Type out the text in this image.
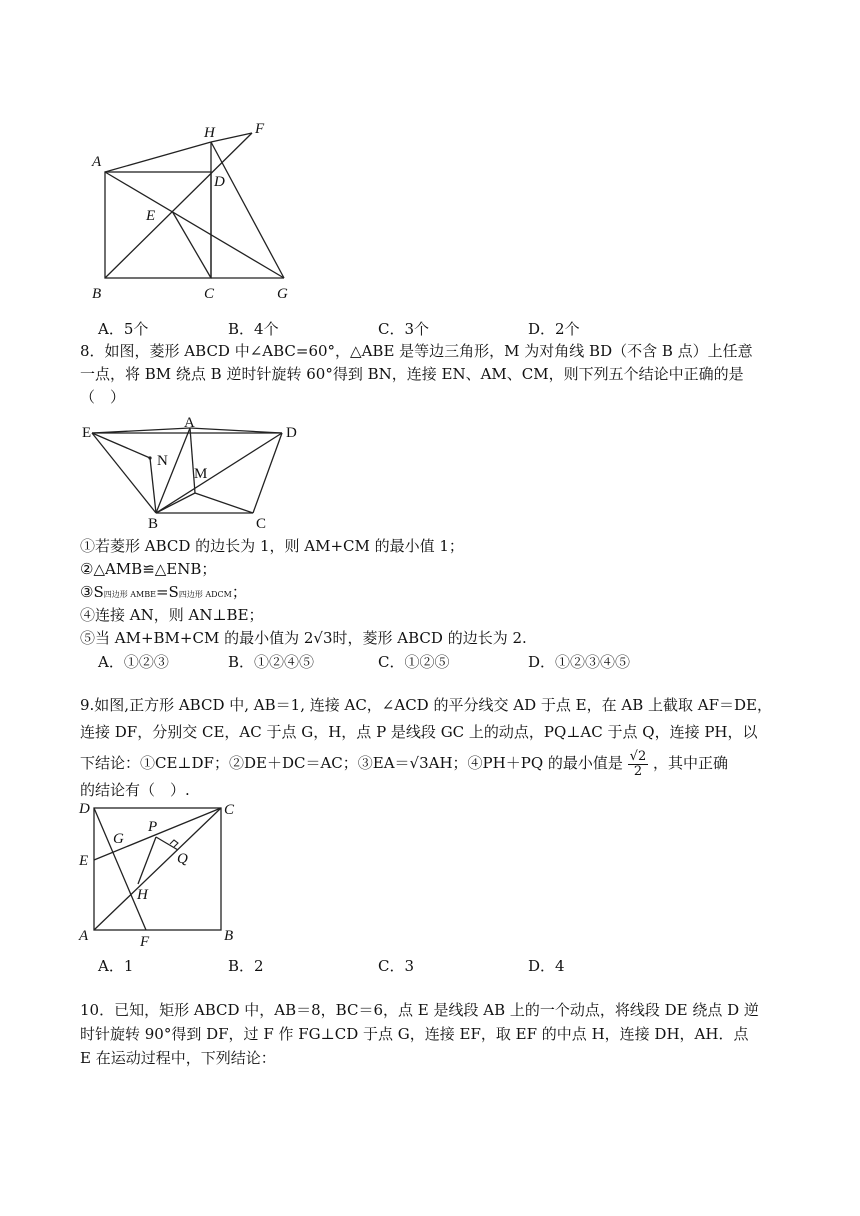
A
H	F
D
E
B	C	G
A．5个	B．4个	C．3个	D．2个
8．如图，菱形 ABCD 中∠ABC=60°，△ABE 是等边三角形，M 为对角线 BD（不含 B 点）上任意
一点，将 BM 绕点 B 逆时针旋转 60°得到 BN，连接 EN、AM、CM，则下列五个结论中正确的是
（　）
E
A
D
N
M
B	C
①若菱形 ABCD 的边长为 1，则 AM+CM 的最小值 1；
②△AMB≌△ENB；
③S四边形 AMBE=S四边形 ADCM；
④连接 AN，则 AN⊥BE；
⑤当 AM+BM+CM 的最小值为 2√3时，菱形 ABCD 的边长为 2.
A．①②③	B．①②④⑤	C．①②⑤	D．①②③④⑤
9.如图,正方形 ABCD 中, AB＝1, 连接 AC，∠ACD 的平分线交 AD 于点 E，在 AB 上截取 AF＝DE，
连接 DF，分别交 CE，AC 于点 G，H，点 P 是线段 GC 上的动点，PQ⊥AC 于点 Q，连接 PH，以
下结论：①CE⊥DF；②DE＋DC＝AC；③EA＝√3AH；④PH＋PQ 的最小值是 $\frac{√2}{2}$ ，其中正确
的结论有（　）.
D	C
P
G
Q
E
H
A	F	B
A．1	B．2	C．3	D．4
10．已知，矩形 ABCD 中，AB＝8，BC＝6，点 E 是线段 AB 上的一个动点，将线段 DE 绕点 D 逆
时针旋转 90°得到 DF，过 F 作 FG⊥CD 于点 G，连接 EF，取 EF 的中点 H，连接 DH，AH．点
E 在运动过程中，下列结论：
